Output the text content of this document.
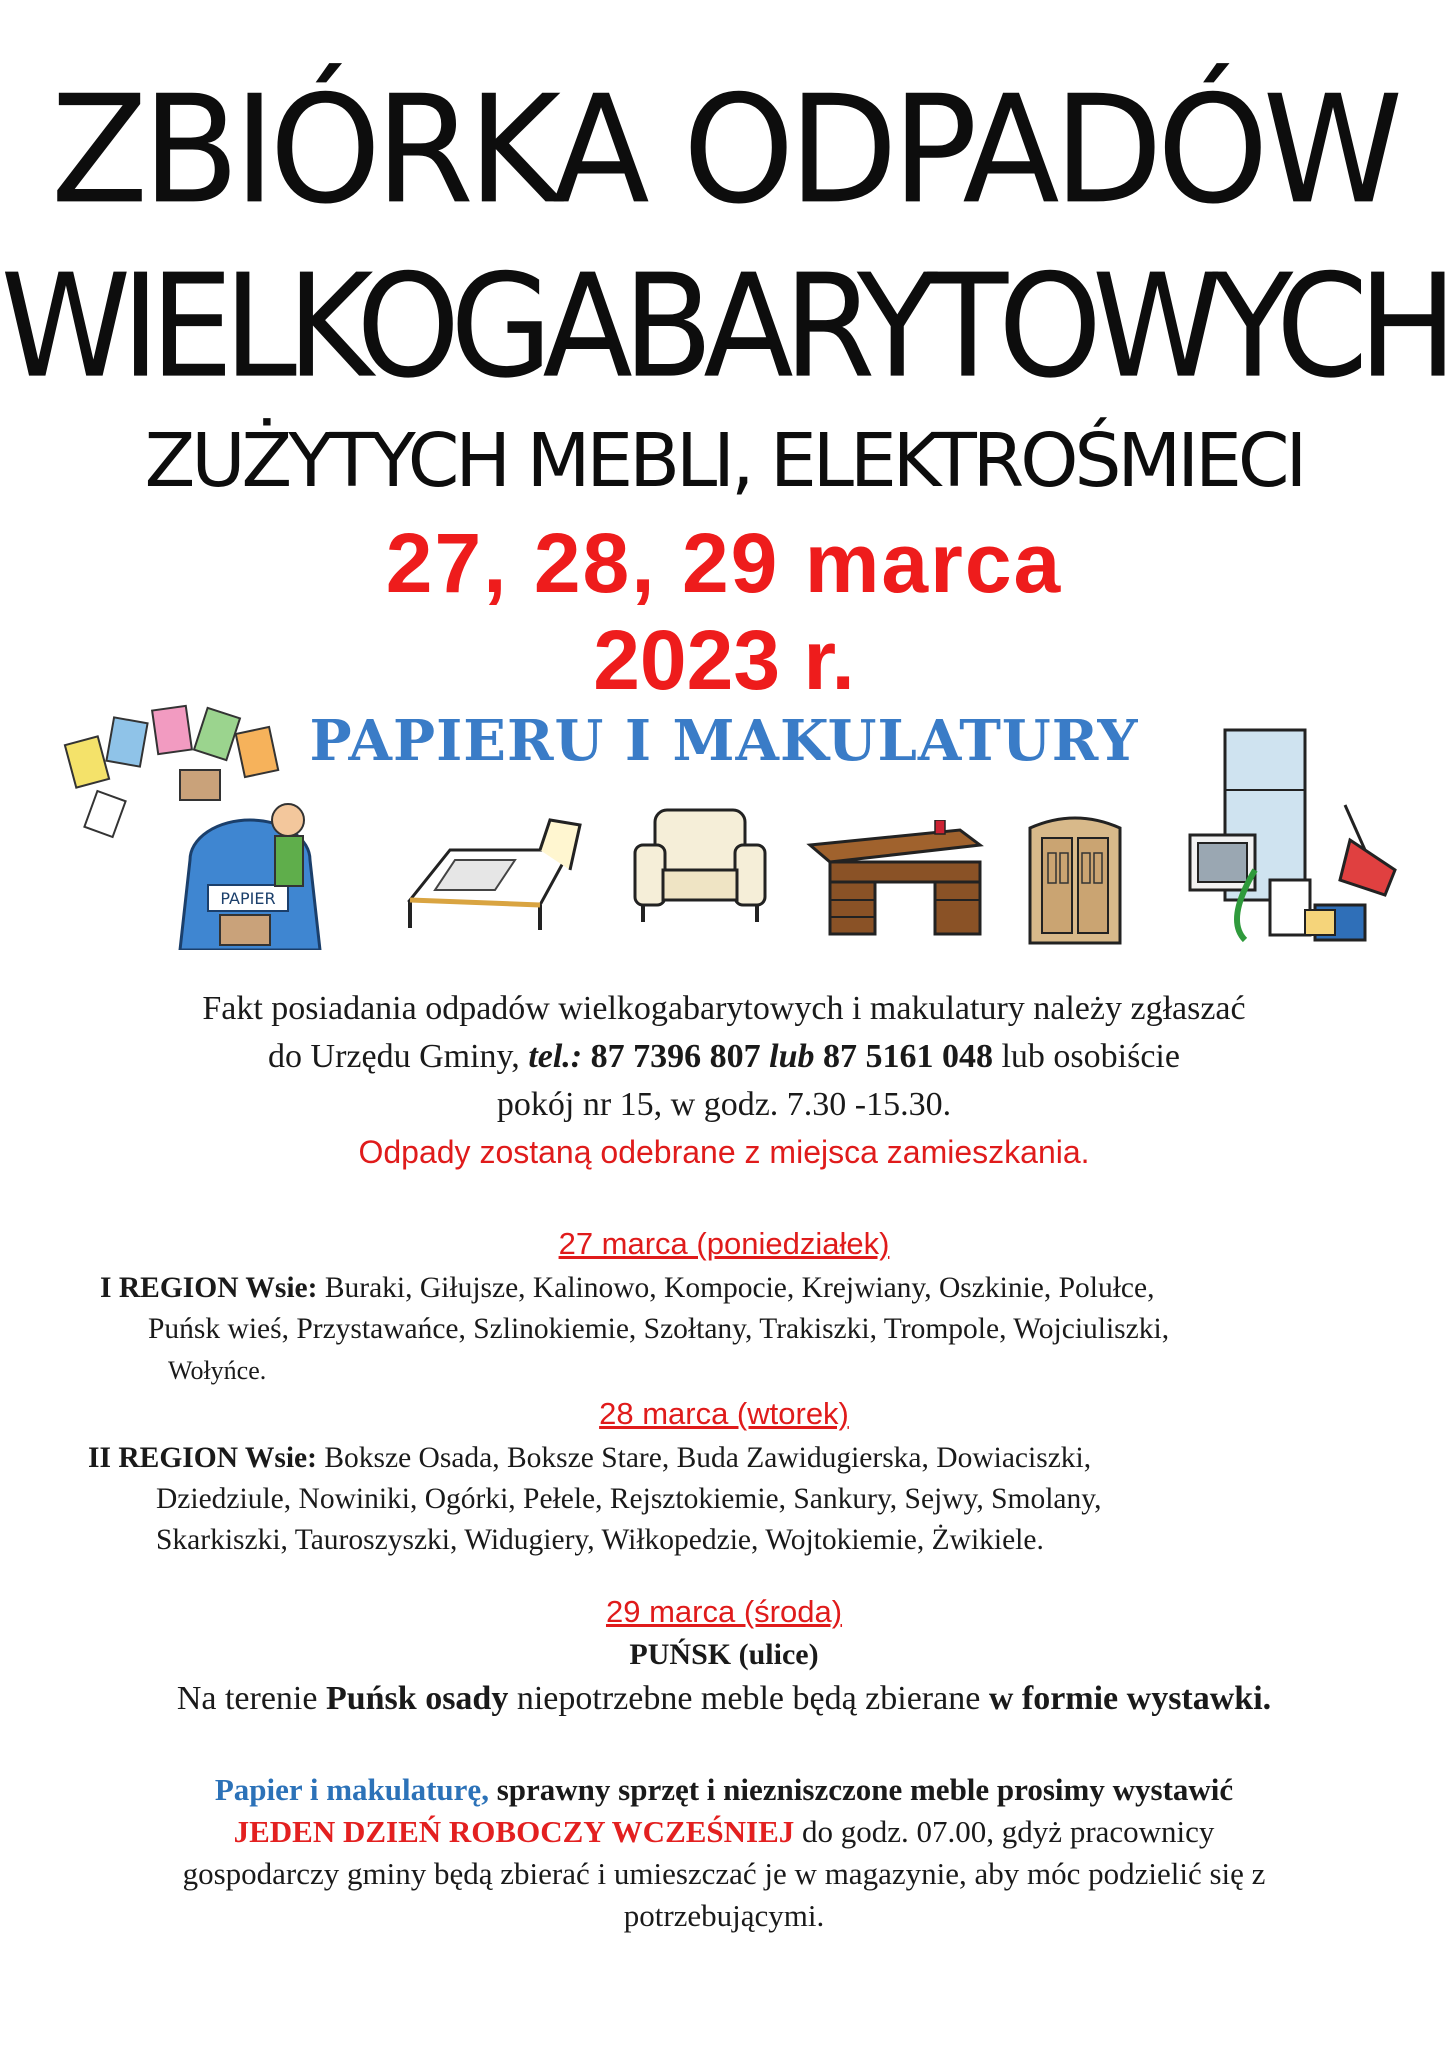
ZBIÓRKA ODPADÓW
WIELKOGABARYTOWYCH
ZUŻYTYCH MEBLI, ELEKTROŚMIECI
27, 28, 29 marca
2023 r.
PAPIERU I MAKULATURY
PAPIER
Fakt posiadania odpadów wielkogabarytowych i makulatury należy zgłaszać
do Urzędu Gminy, tel.: 87 7396 807 lub 87 5161 048 lub osobiście
pokój nr 15, w godz. 7.30 -15.30.
Odpady zostaną odebrane z miejsca zamieszkania.
27 marca (poniedziałek)
I REGION Wsie: Buraki, Giłujsze, Kalinowo, Kompocie, Krejwiany, Oszkinie, Polułce,
Puńsk wieś, Przystawańce, Szlinokiemie, Szołtany, Trakiszki, Trompole, Wojciuliszki,
Wołyńce.
28 marca (wtorek)
II REGION Wsie: Boksze Osada, Boksze Stare, Buda Zawidugierska, Dowiaciszki,
Dziedziule, Nowiniki, Ogórki, Pełele, Rejsztokiemie, Sankury, Sejwy, Smolany,
Skarkiszki, Tauroszyszki, Widugiery, Wiłkopedzie, Wojtokiemie, Żwikiele.
29 marca (środa)
PUŃSK (ulice)
Na terenie Puńsk osady niepotrzebne meble będą zbierane w formie wystawki.
Papier i makulaturę, sprawny sprzęt i niezniszczone meble prosimy wystawić
JEDEN DZIEŃ ROBOCZY WCZEŚNIEJ do godz. 07.00, gdyż pracownicy
gospodarczy gminy będą zbierać i umieszczać je w magazynie, aby móc podzielić się z
potrzebującymi.
